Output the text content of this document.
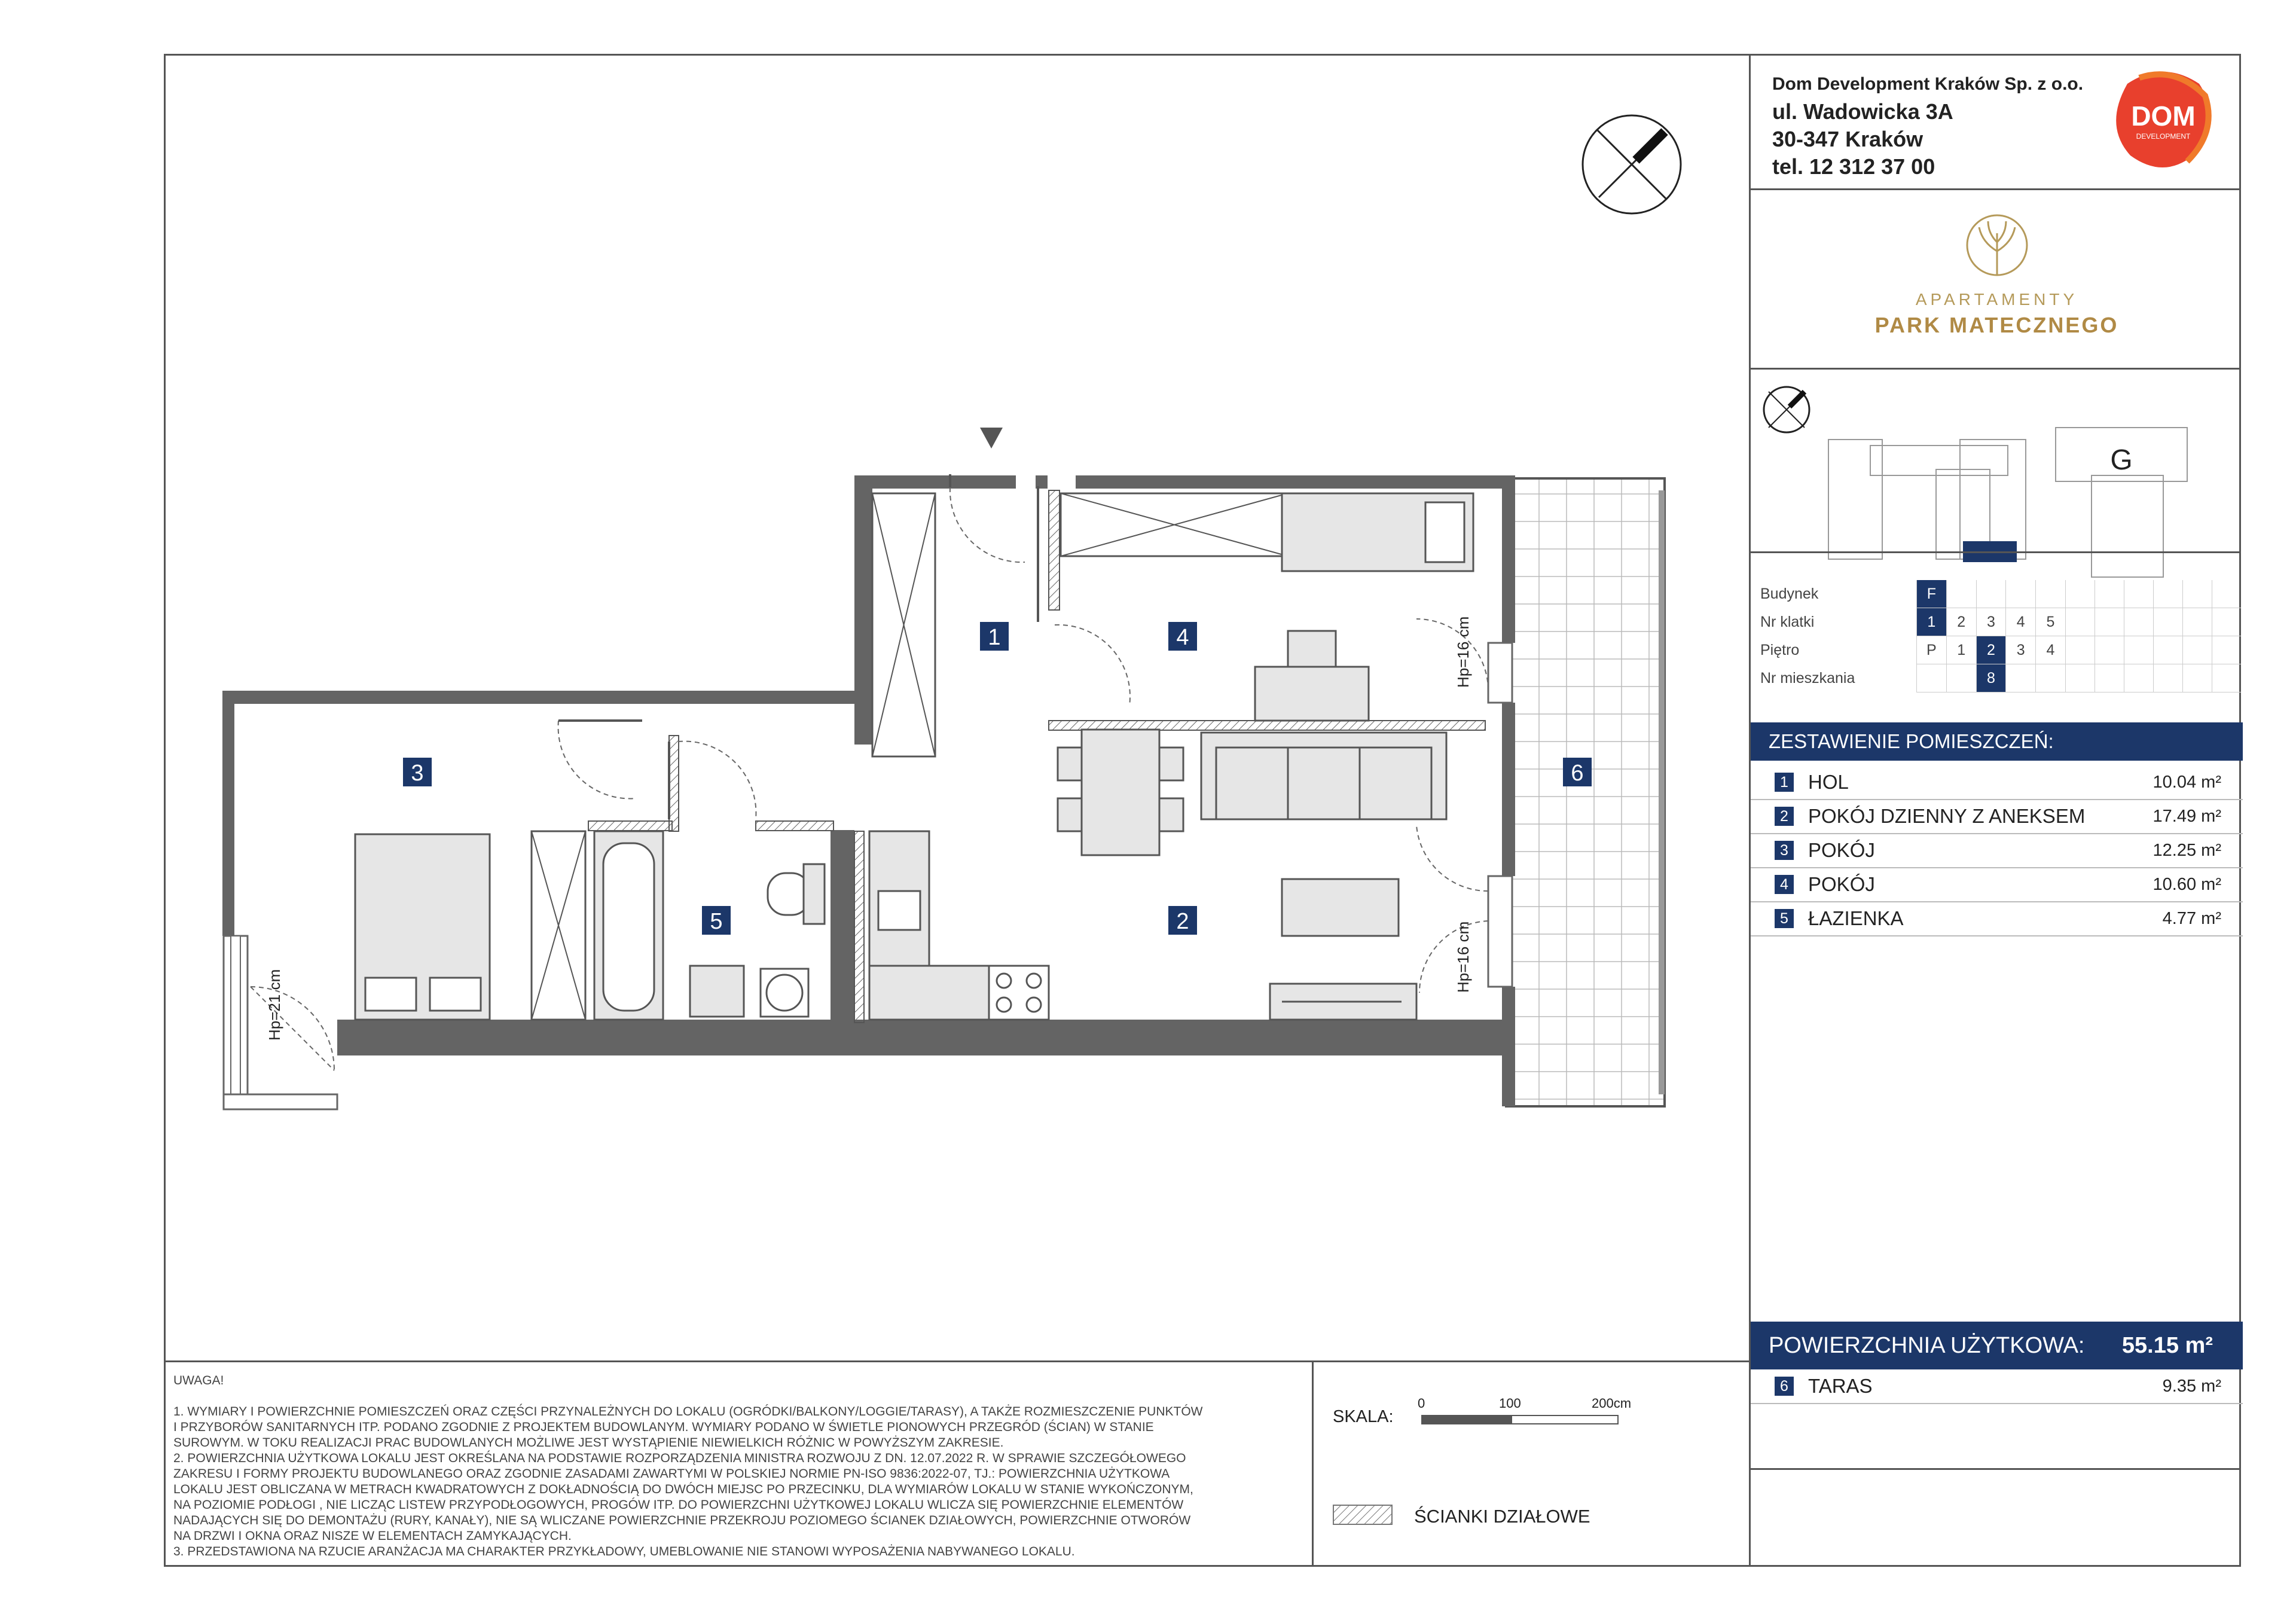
1	4
3	6
5	2
Hp=16 cm
Hp=16 cm
Hp=21 cm
Dom Development Kraków Sp. z o.o.
ul. Wadowicka 3A
30-347 Kraków
tel. 12 312 37 00
DOM
DEVELOPMENT
APARTAMENTY
PARK MATECZNEGO
G
Budynek	F										
Nr klatki	1	2	3	4	5						
Piętro	P	1	2	3	4						
Nr mieszkania			8								
ZESTAWIENIE POMIESZCZEŃ:
1 HOL	10.04 m²
2 POKÓJ DZIENNY Z ANEKSEM	17.49 m²
3 POKÓJ	12.25 m²
4 POKÓJ	10.60 m²
5 ŁAZIENKA	4.77 m²
POWIERZCHNIA UŻYTKOWA: 55.15 m²
6 TARAS	9.35 m²
UWAGA!
1. WYMIARY I POWIERZCHNIE POMIESZCZEŃ ORAZ CZĘŚCI PRZYNALEŻNYCH DO LOKALU (OGRÓDKI/BALKONY/LOGGIE/TARASY), A TAKŻE ROZMIESZCZENIE PUNKTÓW
I PRZYBORÓW SANITARNYCH ITP. PODANO ZGODNIE Z PROJEKTEM BUDOWLANYM. WYMIARY PODANO W ŚWIETLE PIONOWYCH PRZEGRÓD (ŚCIAN) W STANIE
SUROWYM. W TOKU REALIZACJI PRAC BUDOWLANYCH MOŻLIWE JEST WYSTĄPIENIE NIEWIELKICH RÓŻNIC W POWYŻSZYM ZAKRESIE.
2. POWIERZCHNIA UŻYTKOWA LOKALU JEST OKREŚLANA NA PODSTAWIE ROZPORZĄDZENIA MINISTRA ROZWOJU Z DN. 12.07.2022 R. W SPRAWIE SZCZEGÓŁOWEGO
ZAKRESU I FORMY PROJEKTU BUDOWLANEGO ORAZ ZGODNIE ZASADAMI ZAWARTYMI W POLSKIEJ NORMIE PN-ISO 9836:2022-07, TJ.: POWIERZCHNIA UŻYTKOWA
LOKALU JEST OBLICZANA W METRACH KWADRATOWYCH Z DOKŁADNOŚCIĄ DO DWÓCH MIEJSC PO PRZECINKU, DLA WYMIARÓW LOKALU W STANIE WYKOŃCZONYM,
NA POZIOMIE PODŁOGI , NIE LICZĄC LISTEW PRZYPODŁOGOWYCH, PROGÓW ITP. DO POWIERZCHNI UŻYTKOWEJ LOKALU WLICZA SIĘ POWIERZCHNIE ELEMENTÓW
NADAJĄCYCH SIĘ DO DEMONTAŻU (RURY, KANAŁY), NIE SĄ WLICZANE POWIERZCHNIE PRZEKROJU POZIOMEGO ŚCIANEK DZIAŁOWYCH, POWIERZCHNIE OTWORÓW
NA DRZWI I OKNA ORAZ NISZE W ELEMENTACH ZAMYKAJĄCYCH.
3. PRZEDSTAWIONA NA RZUCIE ARANŻACJA MA CHARAKTER PRZYKŁADOWY, UMEBLOWANIE NIE STANOWI WYPOSAŻENIA NABYWANEGO LOKALU.
SKALA:
0	100	200cm
ŚCIANKI DZIAŁOWE
